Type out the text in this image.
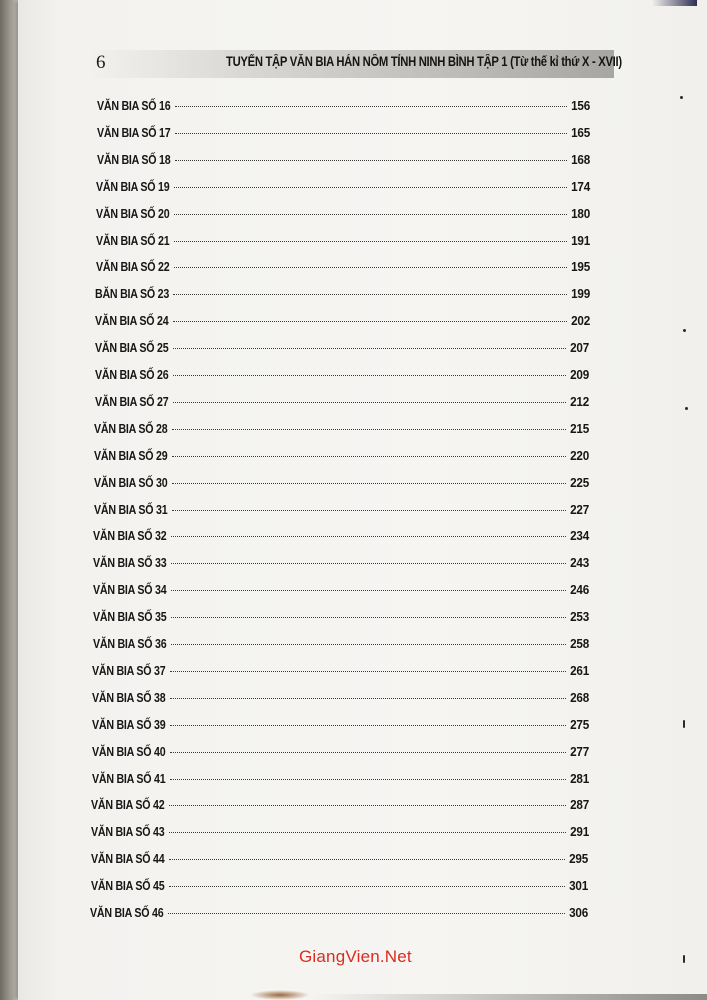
6	TUYỂN TẬP VĂN BIA HÁN NÔM TỈNH NINH BÌNH TẬP 1 (Từ thế kỉ thứ X - XVII)
VĂN BIA SỐ 16	156
VĂN BIA SỐ 17	165
VĂN BIA SỐ 18	168
VĂN BIA SỐ 19	174
VĂN BIA SỐ 20	180
VĂN BIA SỐ 21	191
VĂN BIA SỐ 22	195
BĂN BIA SỐ 23	199
VĂN BIA SỐ 24	202
VĂN BIA SỐ 25	207
VĂN BIA SỐ 26	209
VĂN BIA SỐ 27	212
VĂN BIA SỐ 28	215
VĂN BIA SỐ 29	220
VĂN BIA SỐ 30	225
VĂN BIA SỐ 31	227
VĂN BIA SỐ 32	234
VĂN BIA SỐ 33	243
VĂN BIA SỐ 34	246
VĂN BIA SỐ 35	253
VĂN BIA SỐ 36	258
VĂN BIA SỐ 37	261
VĂN BIA SỐ 38	268
VĂN BIA SỐ 39	275
VĂN BIA SỐ 40	277
VĂN BIA SỐ 41	281
VĂN BIA SỐ 42	287
VĂN BIA SỐ 43	291
VĂN BIA SỐ 44	295
VĂN BIA SỐ 45	301
VĂN BIA SỐ 46	306
GiangVien.Net
